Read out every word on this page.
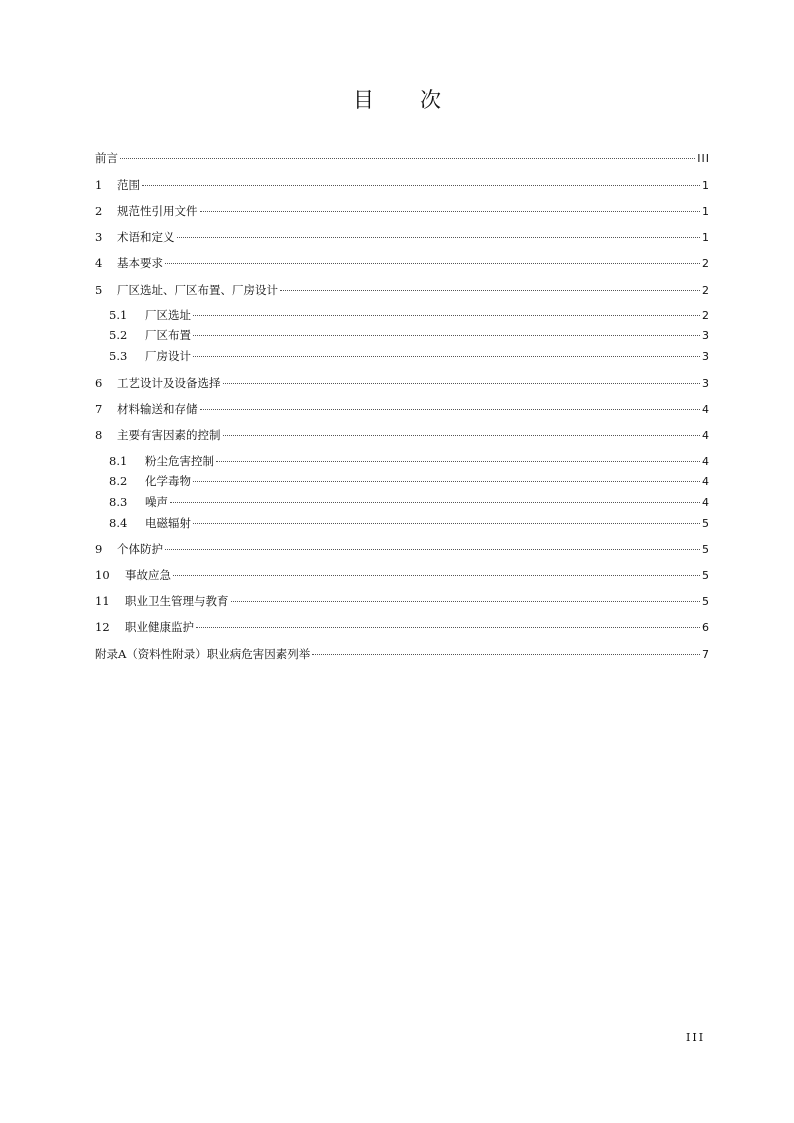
目 次
前言	III
1	范围	1
2	规范性引用文件	1
3	术语和定义	1
4	基本要求	2
5	厂区选址、厂区布置、厂房设计	2
5.1	厂区选址	2
5.2	厂区布置	3
5.3	厂房设计	3
6	工艺设计及设备选择	3
7	材料输送和存储	4
8	主要有害因素的控制	4
8.1	粉尘危害控制	4
8.2	化学毒物	4
8.3	噪声	4
8.4	电磁辐射	5
9	个体防护	5
10	事故应急	5
11	职业卫生管理与教育	5
12	职业健康监护	6
附录A（资料性附录）职业病危害因素列举	7
III
